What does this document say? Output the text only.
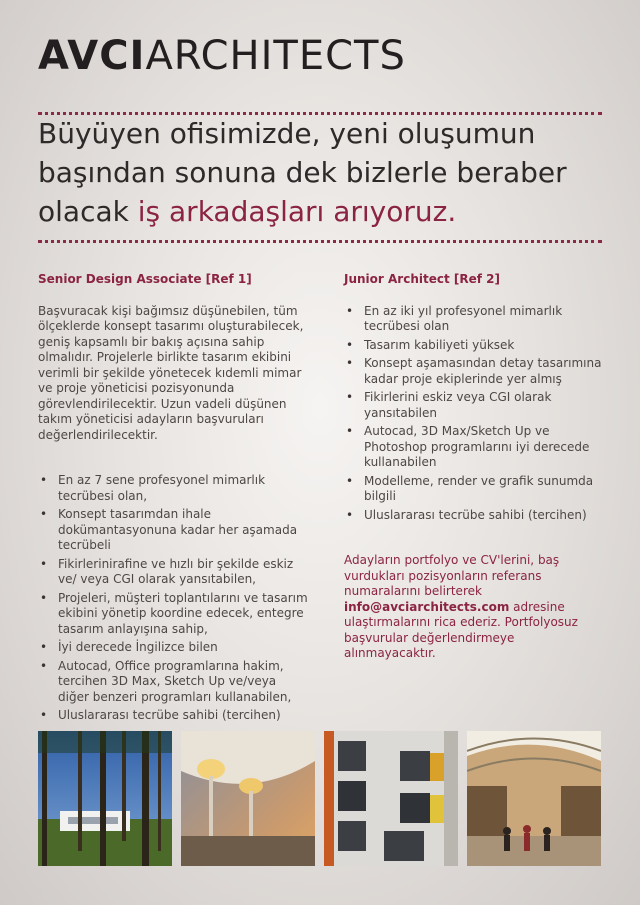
AVCIARCHITECTS
Büyüyen ofisimizde, yeni oluşumun
başından sonuna dek bizlerle beraber
olacak iş arkadaşları arıyoruz.
Senior Design Associate [Ref 1]

Başvuracak kişi bağımsız düşünebilen, tüm ölçeklerde konsept tasarımı oluşturabilecek, geniş kapsamlı bir bakış açısına sahip olmalıdır. Projelerle birlikte tasarım ekibini verimli bir şekilde yönetecek kıdemli mimar ve proje yöneticisi pozisyonunda görevlendirilecektir. Uzun vadeli düşünen takım yöneticisi adayların başvuruları değerlendirilecektir.

• En az 7 sene profesyonel mimarlık tecrübesi olan,
• Konsept tasarımdan ihale dokümantasyonuna kadar her aşamada tecrübeli
• Fikirlerinirafine ve hızlı bir şekilde eskiz ve/ veya CGI olarak yansıtabilen,
• Projeleri, müşteri toplantılarını ve tasarım ekibini yönetip koordine edecek, entegre tasarım anlayışına sahip,
• İyi derecede İngilizce bilen
• Autocad, Office programlarına hakim, tercihen 3D Max, Sketch Up ve/veya diğer benzeri programları kullanabilen,
• Uluslararası tecrübe sahibi (tercihen)
Junior Architect [Ref 2]
• En az iki yıl profesyonel mimarlık tecrübesi olan
• Tasarım kabiliyeti yüksek
• Konsept aşamasından detay tasarımına kadar proje ekiplerinde yer almış
• Fikirlerini eskiz veya CGI olarak yansıtabilen
• Autocad, 3D Max/Sketch Up ve Photoshop programlarını iyi derecede kullanabilen
• Modelleme, render ve grafik sunumda bilgili
• Uluslararası tecrübe sahibi (tercihen)
Adayların portfolyo ve CV'lerini, baş vurdukları pozisyonların referans numaralarını belirterek info@avciarchitects.com adresine ulaştırmalarını rica ederiz. Portfolyosuz başvurular değerlendirmeye alınmayacaktır.
